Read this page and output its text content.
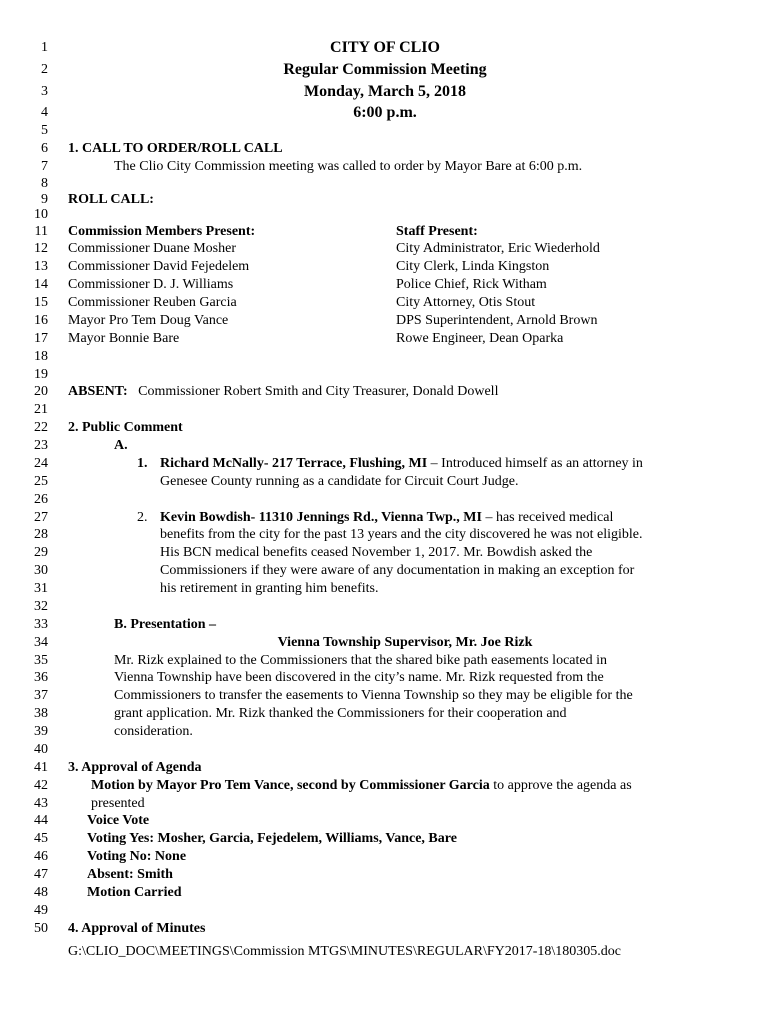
1
2
3
4
5
6
7
8
9
10
11
12
13
14
15
16
17
18
19
20
21
22
23
24
25
26
27
28
29
30
31
32
33
34
35
36
37
38
39
40
41
42
43
44
45
46
47
48
49
50
CITY OF CLIO
Regular Commission Meeting
Monday, March 5, 2018
6:00 p.m.
1. CALL TO ORDER/ROLL CALL
The Clio City Commission meeting was called to order by Mayor Bare at 6:00 p.m.
ROLL CALL:
Commission Members Present:	Staff Present:
Commissioner Duane Mosher
Commissioner David Fejedelem
Commissioner D. J. Williams
Commissioner Reuben Garcia
Mayor Pro Tem Doug Vance
Mayor Bonnie Bare
City Administrator, Eric Wiederhold
City Clerk, Linda Kingston
Police Chief, Rick Witham
City Attorney, Otis Stout
DPS Superintendent, Arnold Brown
Rowe Engineer, Dean Oparka
ABSENT: Commissioner Robert Smith and City Treasurer, Donald Dowell
2. Public Comment
A.
1. Richard McNally- 217 Terrace, Flushing, MI – Introduced himself as an attorney in
Genesee County running as a candidate for Circuit Court Judge.
2. Kevin Bowdish- 11310 Jennings Rd., Vienna Twp., MI – has received medical
benefits from the city for the past 13 years and the city discovered he was not eligible.
His BCN medical benefits ceased November 1, 2017. Mr. Bowdish asked the
Commissioners if they were aware of any documentation in making an exception for
his retirement in granting him benefits.
B. Presentation –
Vienna Township Supervisor, Mr. Joe Rizk
Mr. Rizk explained to the Commissioners that the shared bike path easements located in
Vienna Township have been discovered in the city’s name. Mr. Rizk requested from the
Commissioners to transfer the easements to Vienna Township so they may be eligible for the
grant application. Mr. Rizk thanked the Commissioners for their cooperation and
consideration.
3. Approval of Agenda
Motion by Mayor Pro Tem Vance, second by Commissioner Garcia to approve the agenda as
presented
Voice Vote
Voting Yes: Mosher, Garcia, Fejedelem, Williams, Vance, Bare
Voting No: None
Absent: Smith
Motion Carried
4. Approval of Minutes
G:\CLIO_DOC\MEETINGS\Commission MTGS\MINUTES\REGULAR\FY2017-18\180305.doc
